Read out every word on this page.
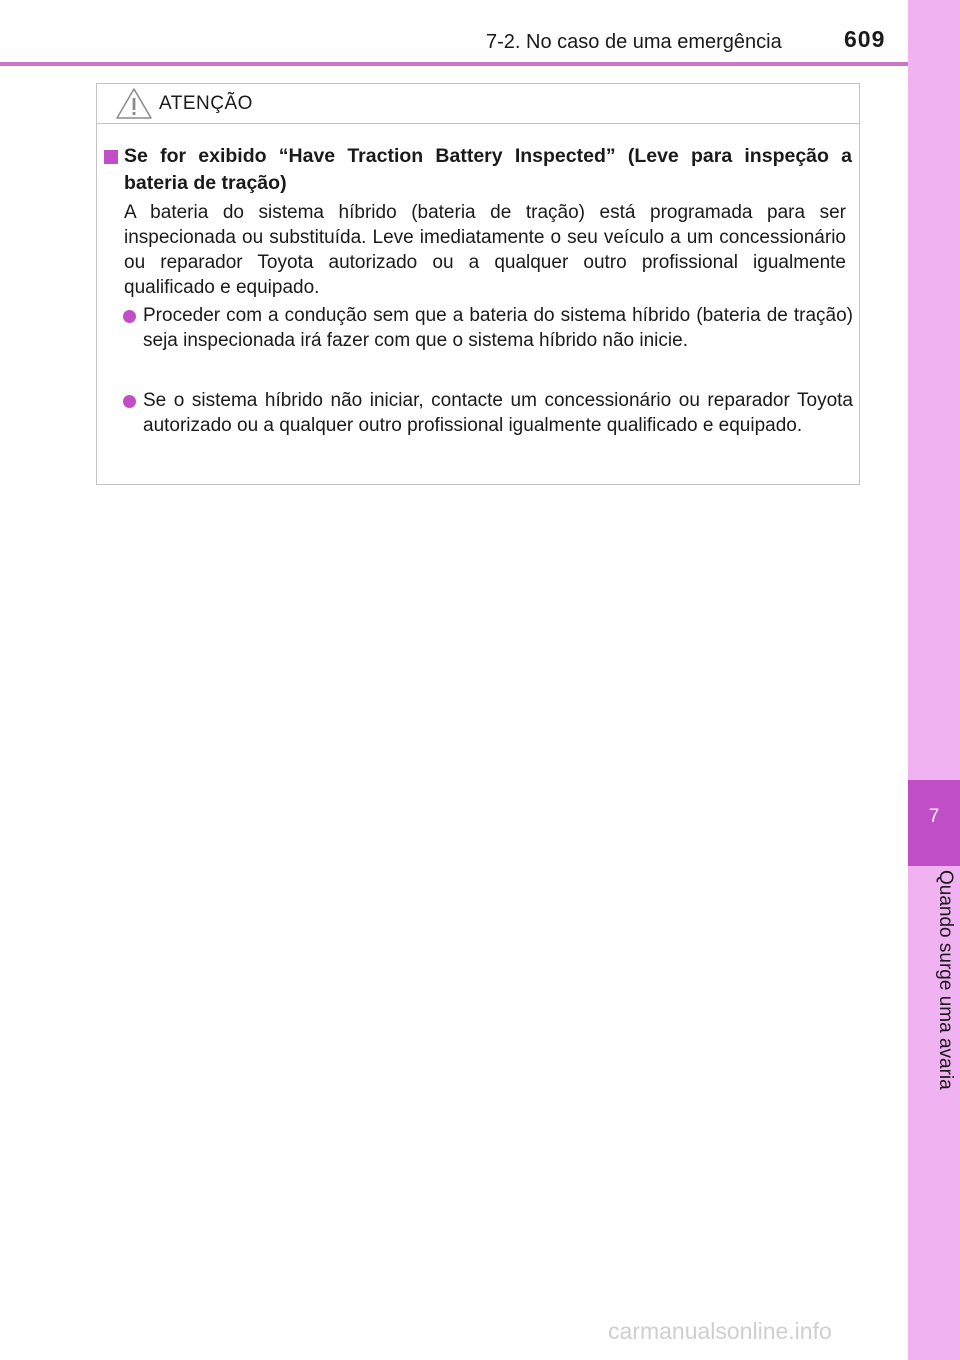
7-2. No caso de uma emergência	609
7
Quando surge uma avaria
ATENÇÃO
Se for exibido “Have Traction Battery Inspected” (Leve para inspeção a bateria de tração)
A bateria do sistema híbrido (bateria de tração) está programada para ser inspecionada ou substituída. Leve imediatamente o seu veículo a um concessionário ou reparador Toyota autorizado ou a qualquer outro profissional igualmente qualificado e equipado.
Proceder com a condução sem que a bateria do sistema híbrido (bateria de tração) seja inspecionada irá fazer com que o sistema híbrido não inicie.
Se o sistema híbrido não iniciar, contacte um concessionário ou reparador Toyota autorizado ou a qualquer outro profissional igualmente qualificado e equipado.
carmanualsonline.info
